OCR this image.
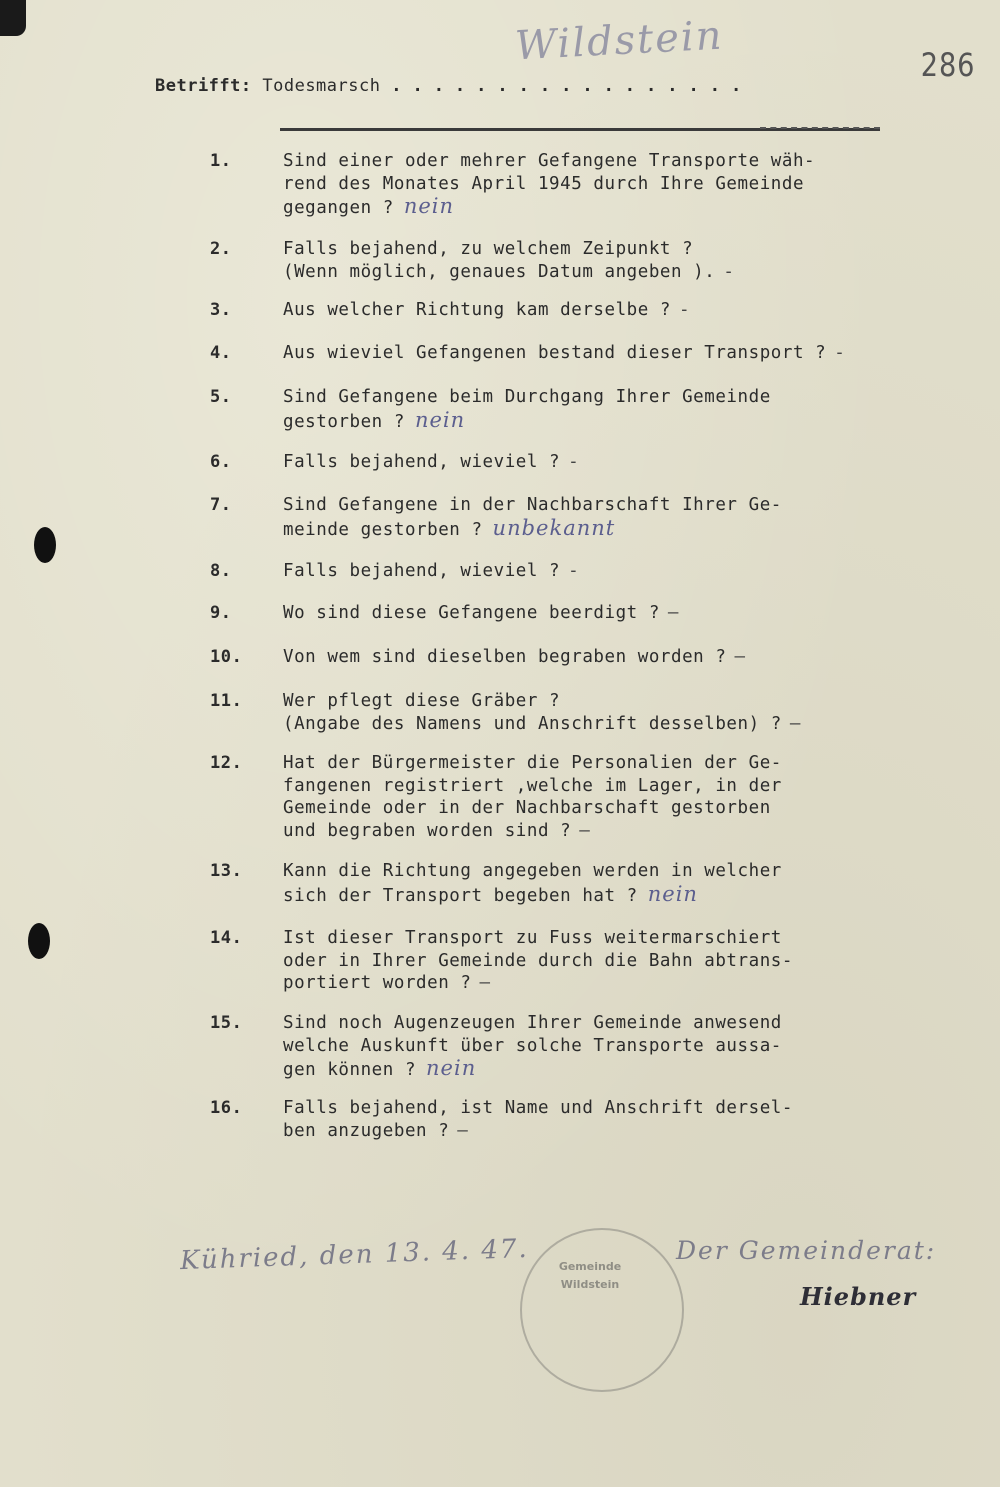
286
Wildstein
Betrifft: Todesmarsch .................
1.	Sind einer oder mehrer Gefangene Transporte wäh-
rend des Monates April 1945 durch Ihre Gemeinde
gegangen ? nein
2.	Falls bejahend, zu welchem Zeipunkt ?
(Wenn möglich, genaues Datum angeben ). -
3.	Aus welcher Richtung kam derselbe ? -
4.	Aus wieviel Gefangenen bestand dieser Transport ? -
5.	Sind Gefangene beim Durchgang Ihrer Gemeinde
gestorben ? nein
6.	Falls bejahend, wieviel ? -
7.	Sind Gefangene in der Nachbarschaft Ihrer Ge-
meinde gestorben ? unbekannt
8.	Falls bejahend, wieviel ? -
9.	Wo sind diese Gefangene beerdigt ? —
10. Von wem sind dieselben begraben worden ? —
11. Wer pflegt diese Gräber ?
(Angabe des Namens und Anschrift desselben) ? —
12. Hat der Bürgermeister die Personalien der Ge-
fangenen registriert ,welche im Lager, in der
Gemeinde oder in der Nachbarschaft gestorben
und begraben worden sind ? —
13. Kann die Richtung angegeben werden in welcher
sich der Transport begeben hat ? nein
14. Ist dieser Transport zu Fuss weitermarschiert
oder in Ihrer Gemeinde durch die Bahn abtrans-
portiert worden ? —
15. Sind noch Augenzeugen Ihrer Gemeinde anwesend
welche Auskunft über solche Transporte aussa-
gen können ? nein
16. Falls bejahend, ist Name und Anschrift dersel-
ben anzugeben ? —
Gemeinde
Wildstein
Kühried, den 13. 4. 47.	Der Gemeinderat:
Hiebner
